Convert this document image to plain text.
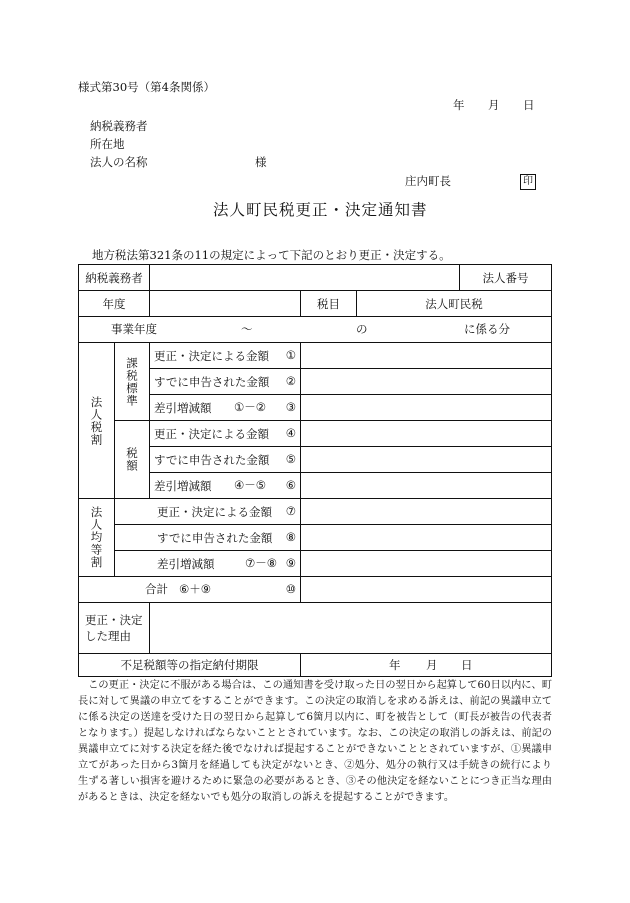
様式第30号（第4条関係）
年 月 日
納税義務者
所在地
法人の名称	様
庄内町長	印
法人町民税更正・決定通知書
地方税法第321条の11の規定によって下記のとおり更正・決定する。
納税義務者					法人番号
年度			税目	法人町民税	

事業年度 ～ の に係る分					

法人税割	課税標準	更正・決定による金額 ①			

		すでに申告された金額 ②			

		差引増減額 ①－② ③			

	税額	更正・決定による金額 ④			

		すでに申告された金額 ⑤			

		差引増減額 ④－⑤ ⑥			

法人均等割	更正・決定による金額 ⑦				

	すでに申告された金額 ⑧				

	差引増減額 ⑦－⑧ ⑨				

合計 ⑥＋⑨ ⑩					

更正・決定した理由					
不足税額等の指定納付期限			年 月 日		
この更正・決定に不服がある場合は、この通知書を受け取った日の翌日から起算して60日以内に、町長に対して異議の申立てをすることができます。この決定の取消しを求める訴えは、前記の異議申立てに係る決定の送達を受けた日の翌日から起算して6箇月以内に、町を被告として（町長が被告の代表者となります。）提起しなければならないこととされています。なお、この決定の取消しの訴えは、前記の異議申立てに対する決定を経た後でなければ提起することができないこととされていますが、①異議申立てがあった日から3箇月を経過しても決定がないとき、②処分、処分の執行又は手続きの続行により生ずる著しい損害を避けるために緊急の必要があるとき、③その他決定を経ないことにつき正当な理由があるときは、決定を経ないでも処分の取消しの訴えを提起することができます。
